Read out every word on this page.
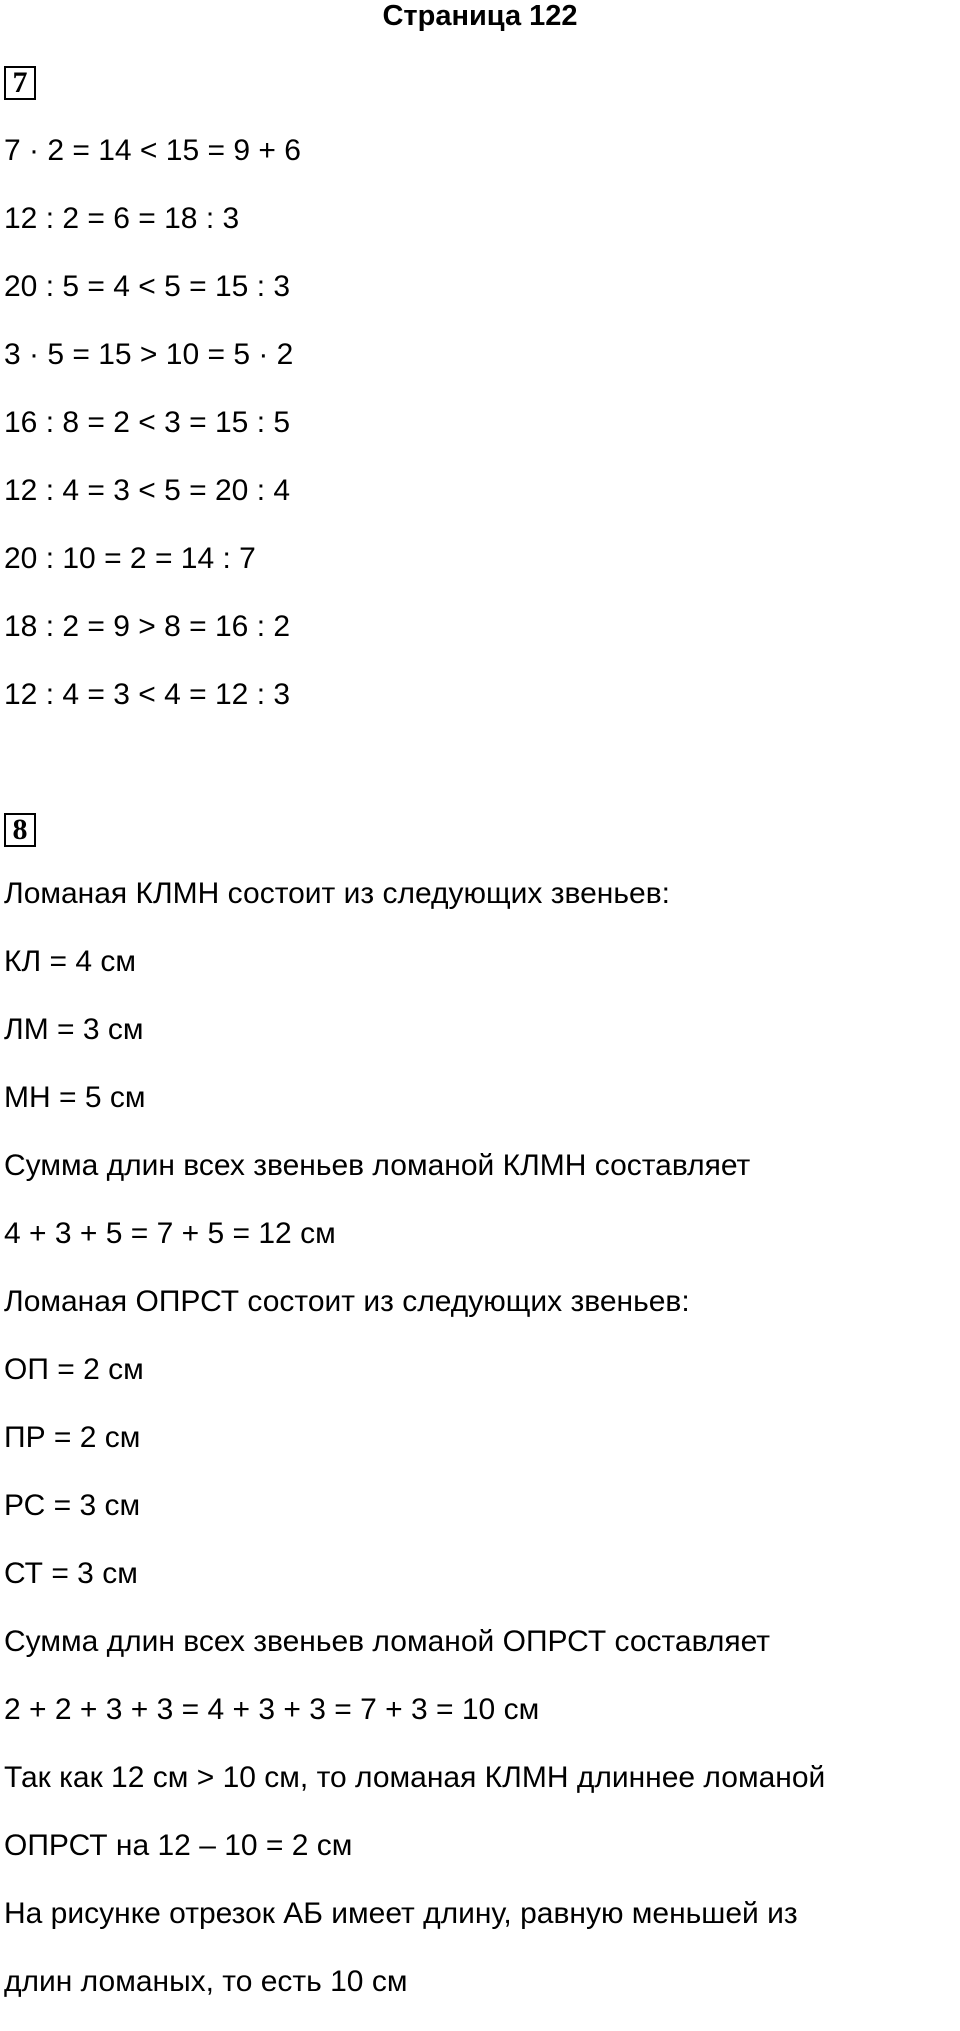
Страница 122
7
7 · 2 = 14 < 15 = 9 + 6
12 : 2 = 6 = 18 : 3
20 : 5 = 4 < 5 = 15 : 3
3 · 5 = 15 > 10 = 5 · 2
16 : 8 = 2 < 3 = 15 : 5
12 : 4 = 3 < 5 = 20 : 4
20 : 10 = 2 = 14 : 7
18 : 2 = 9 > 8 = 16 : 2
12 : 4 = 3 < 4 = 12 : 3
8
Ломаная КЛМН состоит из следующих звеньев:
КЛ = 4 см
ЛМ = 3 см
МН = 5 см
Сумма длин всех звеньев ломаной КЛМН составляет
4 + 3 + 5 = 7 + 5 = 12 см
Ломаная ОПРСТ состоит из следующих звеньев:
ОП = 2 см
ПР = 2 см
РС = 3 см
СТ = 3 см
Сумма длин всех звеньев ломаной ОПРСТ составляет
2 + 2 + 3 + 3 = 4 + 3 + 3 = 7 + 3 = 10 см
Так как 12 см > 10 см, то ломаная КЛМН длиннее ломаной
ОПРСТ на 12 – 10 = 2 см
На рисунке отрезок АБ имеет длину, равную меньшей из
длин ломаных, то есть 10 см
